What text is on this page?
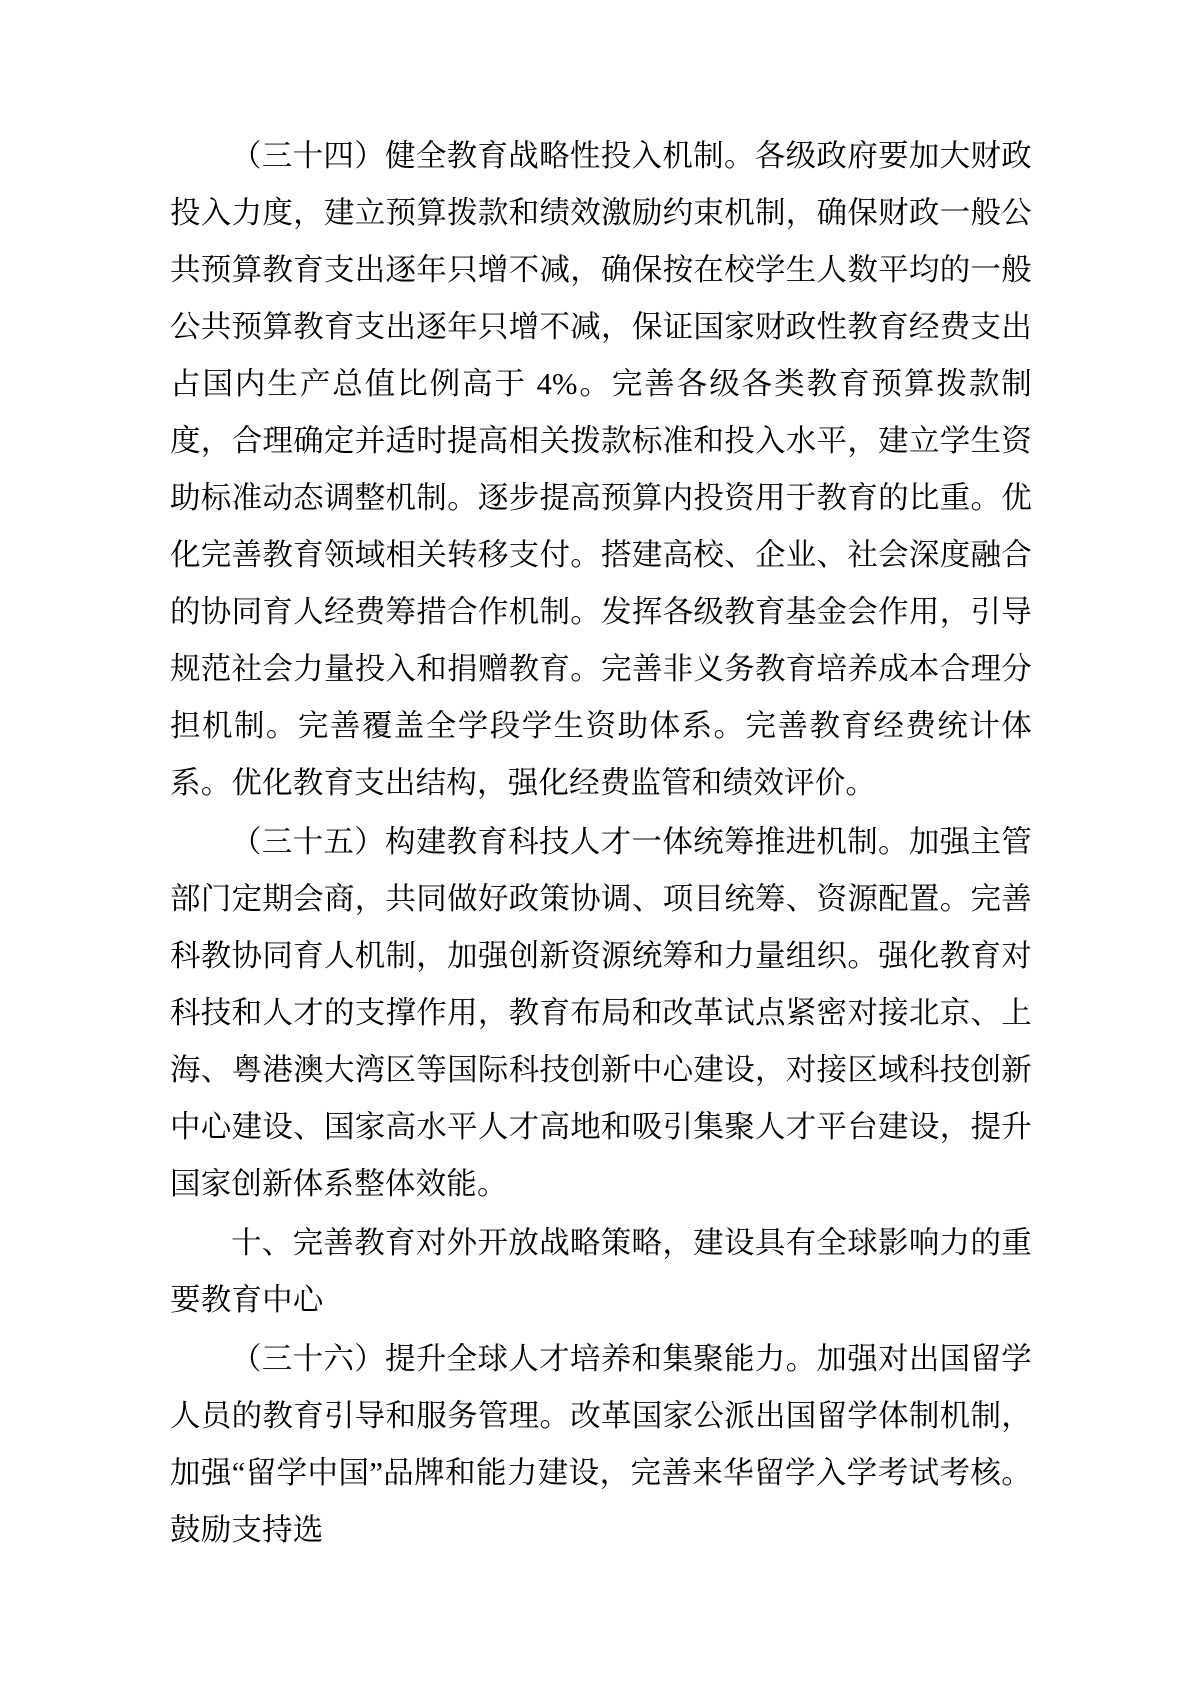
（三十四）健全教育战略性投入机制。各级政府要加大财政投入力度，建立预算拨款和绩效激励约束机制，确保财政一般公共预算教育支出逐年只增不减，确保按在校学生人数平均的一般公共预算教育支出逐年只增不减，保证国家财政性教育经费支出占国内生产总值比例高于 4%。完善各级各类教育预算拨款制度，合理确定并适时提高相关拨款标准和投入水平，建立学生资助标准动态调整机制。逐步提高预算内投资用于教育的比重。优化完善教育领域相关转移支付。搭建高校、企业、社会深度融合的协同育人经费筹措合作机制。发挥各级教育基金会作用，引导规范社会力量投入和捐赠教育。完善非义务教育培养成本合理分担机制。完善覆盖全学段学生资助体系。完善教育经费统计体系。优化教育支出结构，强化经费监管和绩效评价。

（三十五）构建教育科技人才一体统筹推进机制。加强主管部门定期会商，共同做好政策协调、项目统筹、资源配置。完善科教协同育人机制，加强创新资源统筹和力量组织。强化教育对科技和人才的支撑作用，教育布局和改革试点紧密对接北京、上海、粤港澳大湾区等国际科技创新中心建设，对接区域科技创新中心建设、国家高水平人才高地和吸引集聚人才平台建设，提升国家创新体系整体效能。

十、完善教育对外开放战略策略，建设具有全球影响力的重要教育中心

（三十六）提升全球人才培养和集聚能力。加强对出国留学人员的教育引导和服务管理。改革国家公派出国留学体制机制，加强“留学中国”品牌和能力建设，完善来华留学入学考试考核。鼓励支持选
